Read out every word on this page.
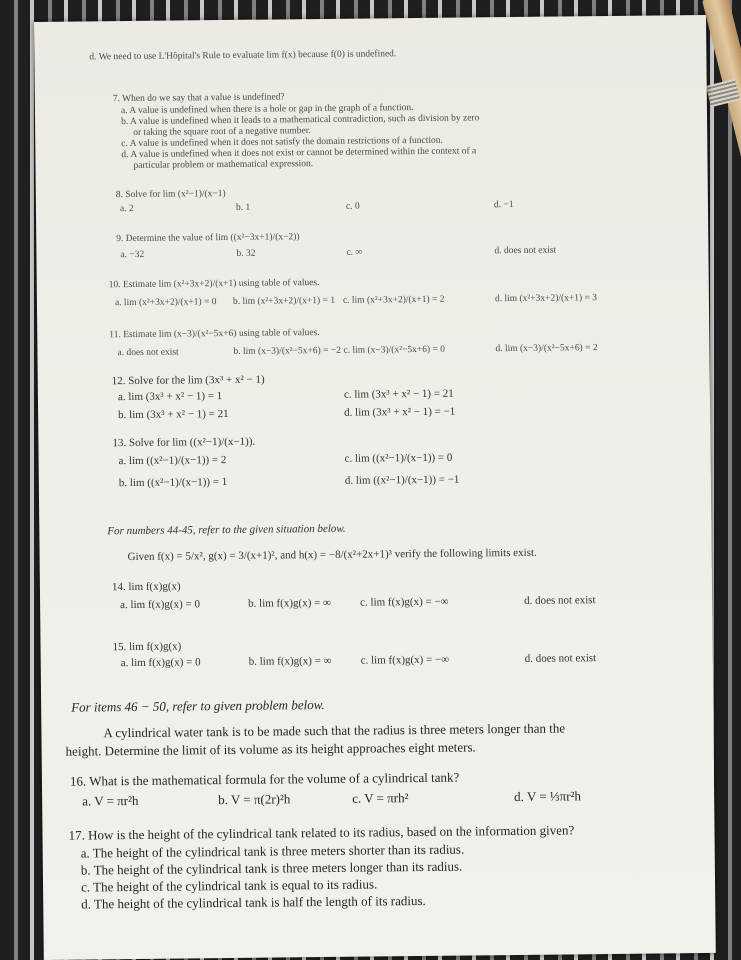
d. We need to use L'Hôpital's Rule to evaluate lim f(x) because f(0) is undefined.
7. When do we say that a value is undefined?
a. A value is undefined when there is a hole or gap in the graph of a function.
b. A value is undefined when it leads to a mathematical contradiction, such as division by zero
or taking the square root of a negative number.
c. A value is undefined when it does not satisfy the domain restrictions of a function.
d. A value is undefined when it does not exist or cannot be determined within the context of a
particular problem or mathematical expression.
8. Solve for lim (x²−1)/(x−1)
a. 2	b. 1	c. 0	d. −1
9. Determine the value of lim ((x²−3x+1)/(x−2))
a. −32	b. 32	c. ∞	d. does not exist
10. Estimate lim (x²+3x+2)/(x+1) using table of values.
a. lim (x²+3x+2)/(x+1) = 0 b. lim (x²+3x+2)/(x+1) = 1 c. lim (x²+3x+2)/(x+1) = 2	d. lim (x²+3x+2)/(x+1) = 3
11. Estimate lim (x−3)/(x²−5x+6) using table of values.
a. does not exist	b. lim (x−3)/(x²−5x+6) = −2 c. lim (x−3)/(x²−5x+6) = 0	d. lim (x−3)/(x²−5x+6) = 2
12. Solve for the lim (3x³ + x² − 1)
a. lim (3x³ + x² − 1) = 1
b. lim (3x³ + x² − 1) = 21
c. lim (3x³ + x² − 1) = 21
d. lim (3x³ + x² − 1) = −1
13. Solve for lim ((x²−1)/(x−1)).
a. lim ((x²−1)/(x−1)) = 2
b. lim ((x²−1)/(x−1)) = 1
c. lim ((x²−1)/(x−1)) = 0
d. lim ((x²−1)/(x−1)) = −1
For numbers 44-45, refer to the given situation below.
Given f(x) = 5/x², g(x) = 3/(x+1)², and h(x) = −8/(x²+2x+1)³ verify the following limits exist.
14. lim f(x)g(x)
a. lim f(x)g(x) = 0	b. lim f(x)g(x) = ∞	c. lim f(x)g(x) = −∞	d. does not exist
15. lim f(x)g(x)
a. lim f(x)g(x) = 0	b. lim f(x)g(x) = ∞	c. lim f(x)g(x) = −∞	d. does not exist
For items 46 − 50, refer to given problem below.
A cylindrical water tank is to be made such that the radius is three meters longer than the
height. Determine the limit of its volume as its height approaches eight meters.
16. What is the mathematical formula for the volume of a cylindrical tank?
a. V = πr²h	b. V = π(2r)²h	c. V = πrh²	d. V = ⅓πr²h
17. How is the height of the cylindrical tank related to its radius, based on the information given?
a. The height of the cylindrical tank is three meters shorter than its radius.
b. The height of the cylindrical tank is three meters longer than its radius.
c. The height of the cylindrical tank is equal to its radius.
d. The height of the cylindrical tank is half the length of its radius.
